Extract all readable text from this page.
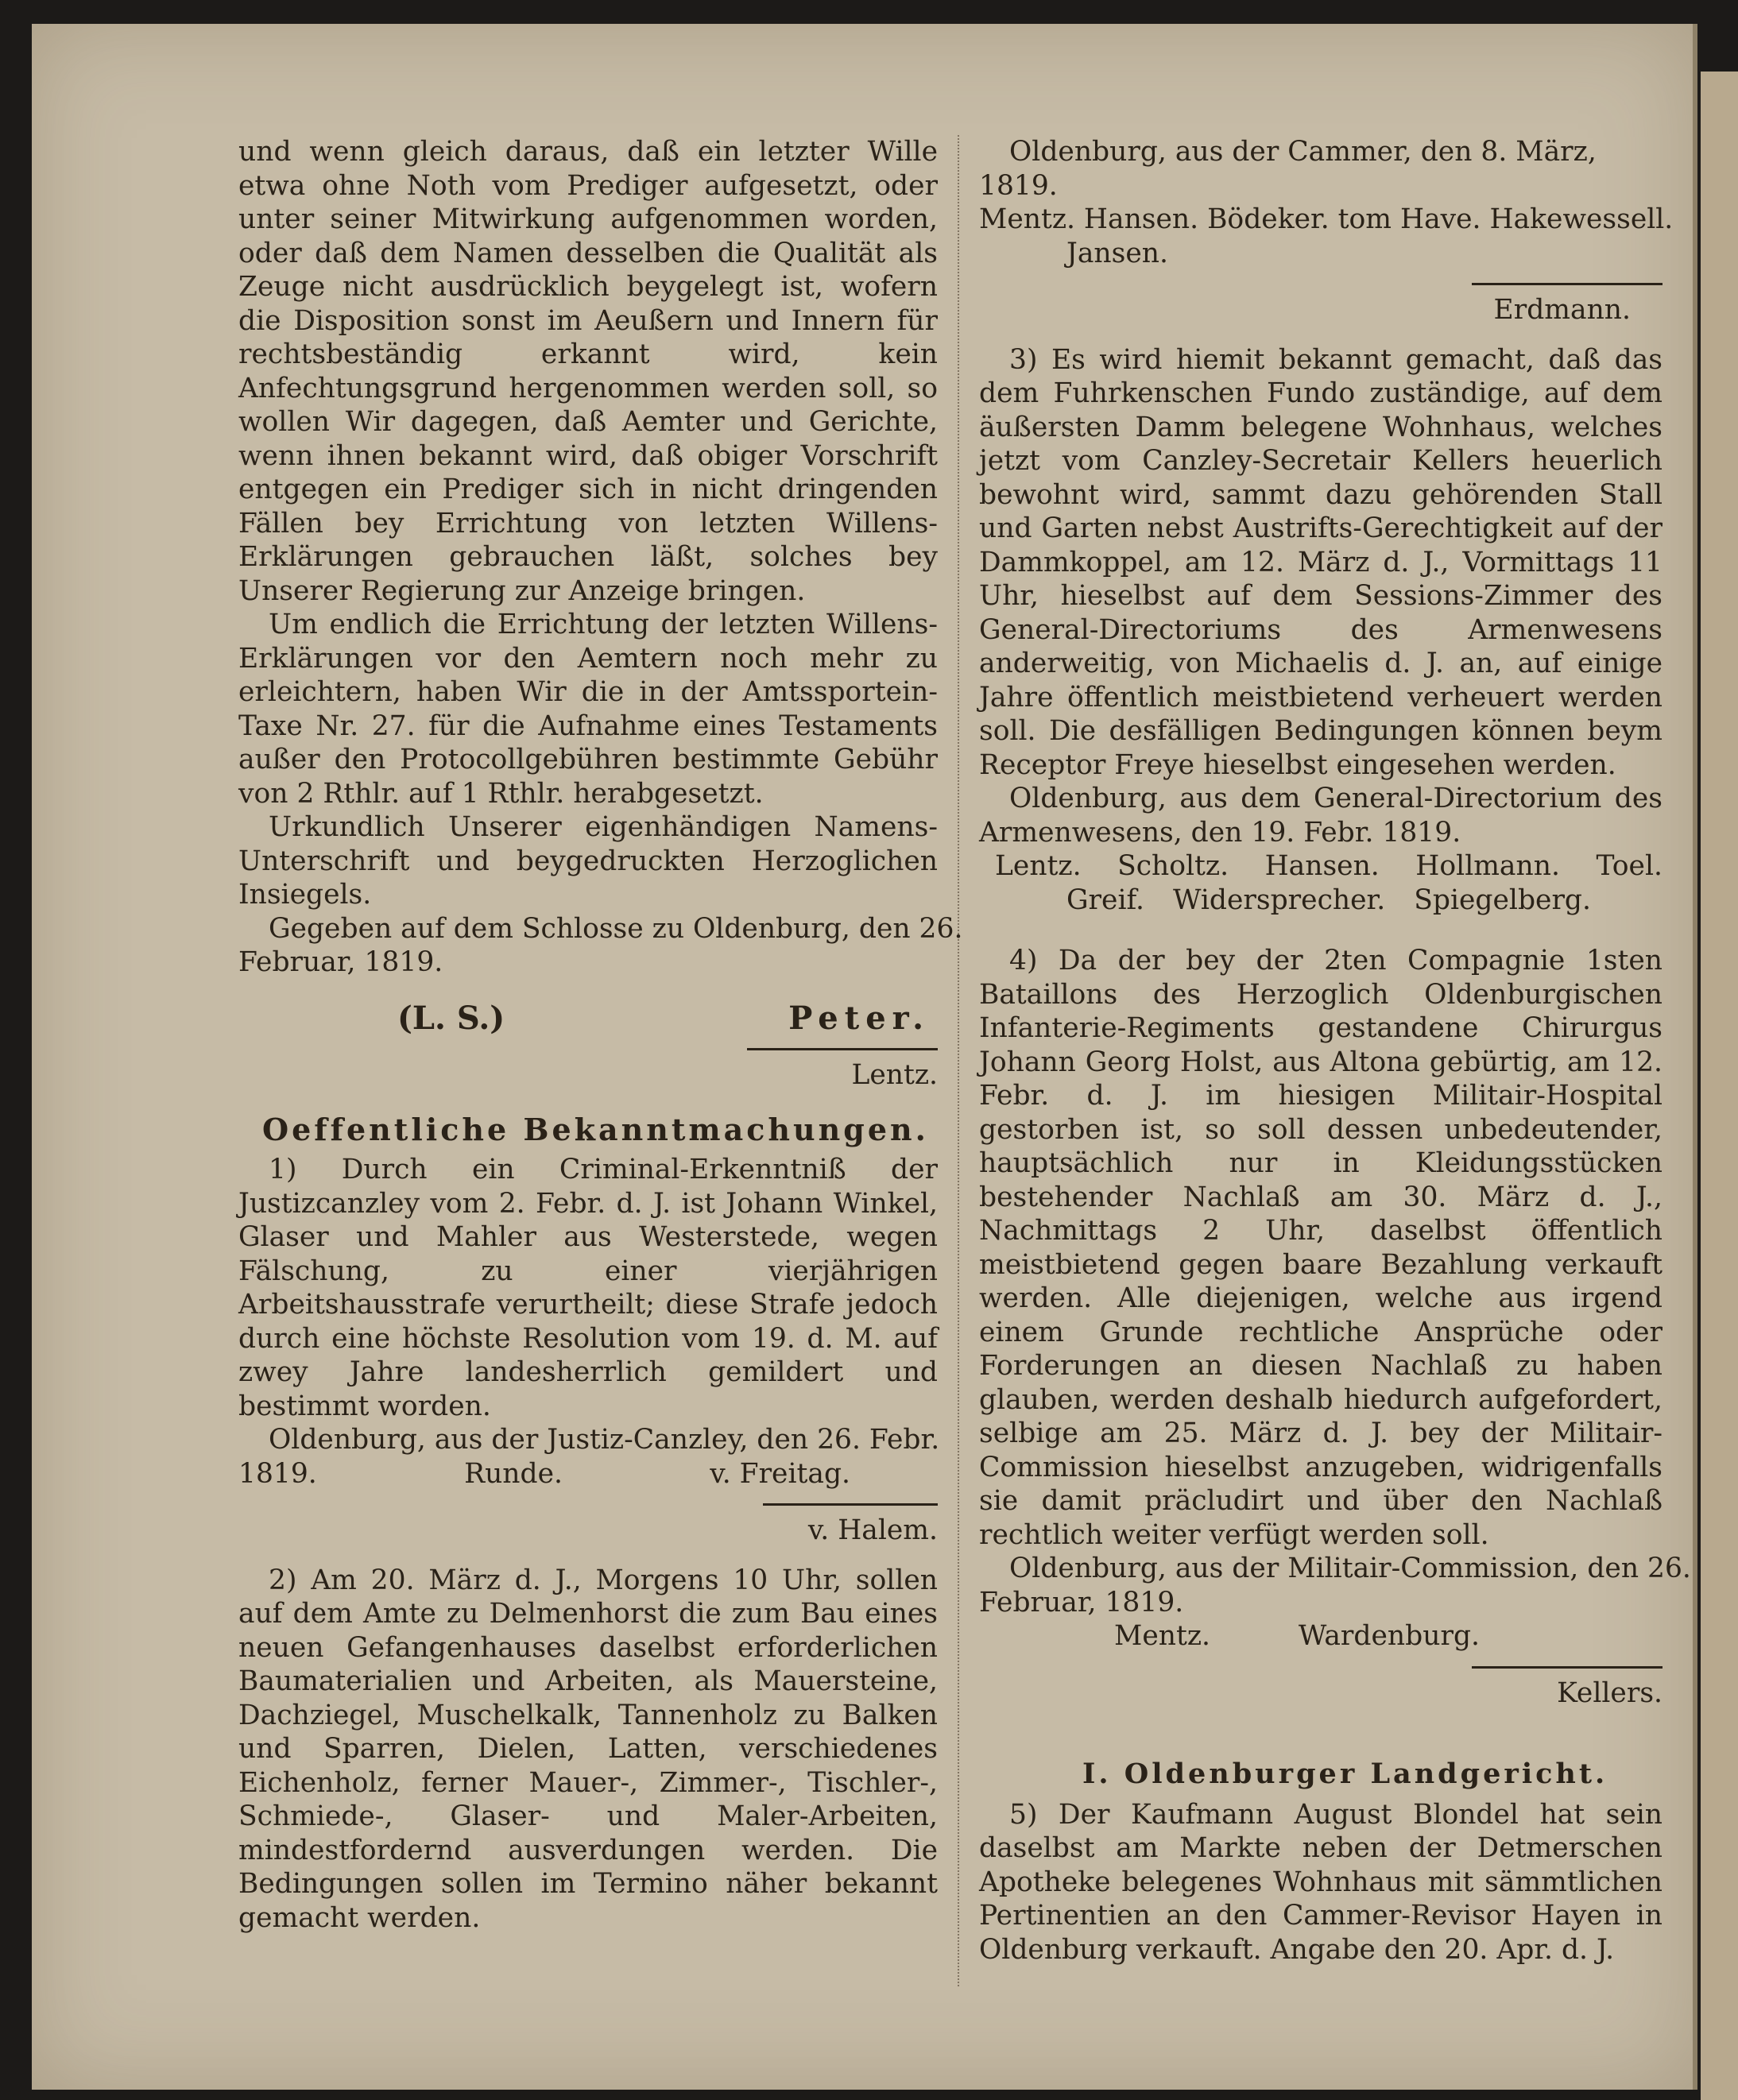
und wenn gleich daraus, daß ein letzter Wille etwa ohne Noth vom Prediger aufgesetzt, oder unter seiner Mitwirkung aufgenommen worden, oder daß dem Namen desselben die Qualität als Zeuge nicht ausdrücklich beygelegt ist, wofern die Disposition sonst im Aeußern und Innern für rechtsbeständig erkannt wird, kein Anfechtungsgrund hergenommen werden soll, so wollen Wir dagegen, daß Aemter und Gerichte, wenn ihnen bekannt wird, daß obiger Vorschrift entgegen ein Prediger sich in nicht dringenden Fällen bey Errichtung von letzten Willens-Erklärungen gebrauchen läßt, solches bey Unserer Regierung zur Anzeige bringen.

Um endlich die Errichtung der letzten Willens-Erklärungen vor den Aemtern noch mehr zu erleichtern, haben Wir die in der Amtssportein-Taxe Nr. 27. für die Aufnahme eines Testaments außer den Protocollgebühren bestimmte Gebühr von 2 Rthlr. auf 1 Rthlr. herabgesetzt.

Urkundlich Unserer eigenhändigen Namens-Unterschrift und beygedruckten Herzoglichen Insiegels.

Gegeben auf dem Schlosse zu Oldenburg, den 26.

Februar, 1819.

(L. S.)	Peter.

Lentz.

Oeffentliche Bekanntmachungen.

1) Durch ein Criminal-Erkenntniß der Justizcanzley vom 2. Febr. d. J. ist Johann Winkel, Glaser und Mahler aus Westerstede, wegen Fälschung, zu einer vierjährigen Arbeitshausstrafe verurtheilt; diese Strafe jedoch durch eine höchste Resolution vom 19. d. M. auf zwey Jahre landesherrlich gemildert und bestimmt worden.

Oldenburg, aus der Justiz-Canzley, den 26. Febr.

1819.	Runde.	v. Freitag.

v. Halem.

2) Am 20. März d. J., Morgens 10 Uhr, sollen auf dem Amte zu Delmenhorst die zum Bau eines neuen Gefangenhauses daselbst erforderlichen Baumaterialien und Arbeiten, als Mauersteine, Dachziegel, Muschelkalk, Tannenholz zu Balken und Sparren, Dielen, Latten, verschiedenes Eichenholz, ferner Mauer-, Zimmer-, Tischler-, Schmiede-, Glaser- und Maler-Arbeiten, mindestfordernd ausverdungen werden. Die Bedingungen sollen im Termino näher bekannt gemacht werden.

Oldenburg, aus der Cammer, den 8. März,

1819.

Mentz. Hansen. Bödeker. tom Have. Hakewessell.

Jansen.

Erdmann.

3) Es wird hiemit bekannt gemacht, daß das dem Fuhrkenschen Fundo zuständige, auf dem äußersten Damm belegene Wohnhaus, welches jetzt vom Canzley-Secretair Kellers heuerlich bewohnt wird, sammt dazu gehörenden Stall und Garten nebst Austrifts-Gerechtigkeit auf der Dammkoppel, am 12. März d. J., Vormittags 11 Uhr, hieselbst auf dem Sessions-Zimmer des General-Directoriums des Armenwesens anderweitig, von Michaelis d. J. an, auf einige Jahre öffentlich meistbietend verheuert werden soll. Die desfälligen Bedingungen können beym Receptor Freye hieselbst eingesehen werden.

Oldenburg, aus dem General-Directorium des Armenwesens, den 19. Febr. 1819.

Lentz. Scholtz. Hansen. Hollmann. Toel.
Greif. Widersprecher. Spiegelberg.

4) Da der bey der 2ten Compagnie 1sten Bataillons des Herzoglich Oldenburgischen Infanterie-Regiments gestandene Chirurgus Johann Georg Holst, aus Altona gebürtig, am 12. Febr. d. J. im hiesigen Militair-Hospital gestorben ist, so soll dessen unbedeutender, hauptsächlich nur in Kleidungsstücken bestehender Nachlaß am 30. März d. J., Nachmittags 2 Uhr, daselbst öffentlich meistbietend gegen baare Bezahlung verkauft werden. Alle diejenigen, welche aus irgend einem Grunde rechtliche Ansprüche oder Forderungen an diesen Nachlaß zu haben glauben, werden deshalb hiedurch aufgefordert, selbige am 25. März d. J. bey der Militair-Commission hieselbst anzugeben, widrigenfalls sie damit präcludirt und über den Nachlaß rechtlich weiter verfügt werden soll.

Oldenburg, aus der Militair-Commission, den 26.

Februar, 1819.

Mentz.	Wardenburg.

Kellers.

I. Oldenburger Landgericht.

5) Der Kaufmann August Blondel hat sein daselbst am Markte neben der Detmerschen Apotheke belegenes Wohnhaus mit sämmtlichen Pertinentien an den Cammer-Revisor Hayen in Oldenburg verkauft. Angabe den 20. Apr. d. J.
